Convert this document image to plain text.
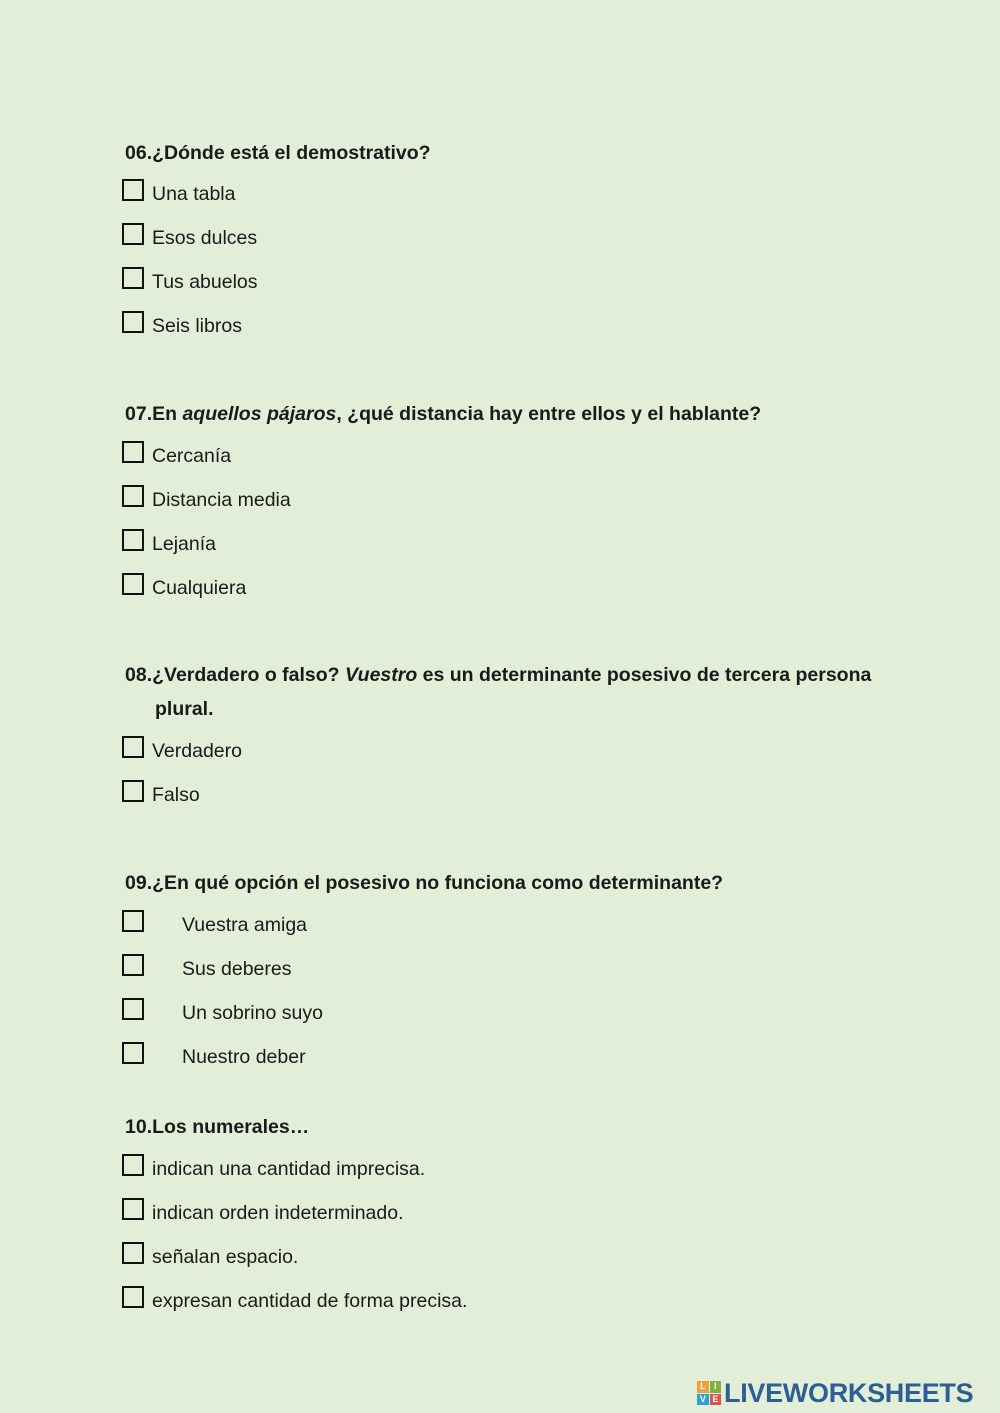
06.¿Dónde está el demostrativo?
Una tabla
Esos dulces
Tus abuelos
Seis libros
07.En aquellos pájaros, ¿qué distancia hay entre ellos y el hablante?
Cercanía
Distancia media
Lejanía
Cualquiera
08.¿Verdadero o falso? Vuestro es un determinante posesivo de tercera persona
plural.
Verdadero
Falso
09.¿En qué opción el posesivo no funciona como determinante?
Vuestra amiga
Sus deberes
Un sobrino suyo
Nuestro deber
10.Los numerales…
indican una cantidad imprecisa.
indican orden indeterminado.
señalan espacio.
expresan cantidad de forma precisa.
L I
V E LIVEWORKSHEETS
